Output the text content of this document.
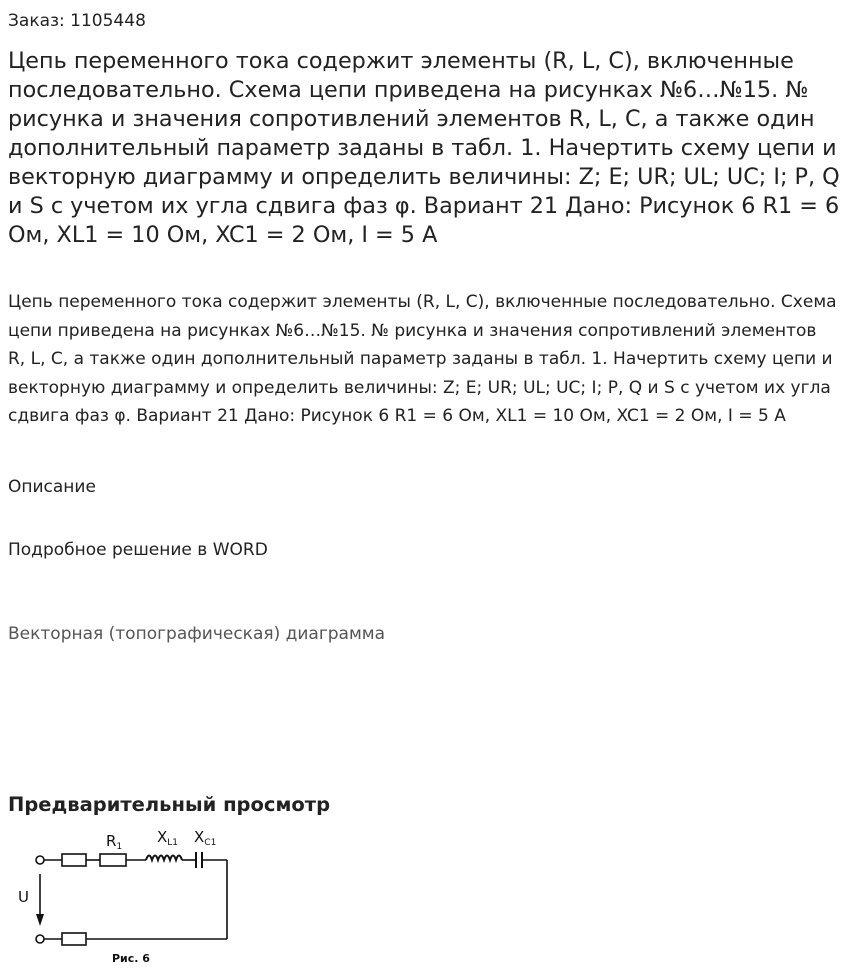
Заказ: 1105448
Цепь переменного тока содержит элементы (R, L, C), включенные последовательно. Схема цепи приведена на рисунках №6…№15. № рисунка и значения сопротивлений элементов R, L, C, а также один дополнительный параметр заданы в табл. 1. Начертить схему цепи и векторную диаграмму и определить величины: Z; E; UR; UL; UC; I; P, Q и S с учетом их угла сдвига фаз φ. Вариант 21 Дано: Рисунок 6 R1 = 6 Ом, XL1 = 10 Ом, XC1 = 2 Ом, I = 5 А

Цепь переменного тока содержит элементы (R, L, C), включенные последовательно. Схема цепи приведена на рисунках №6…№15. № рисунка и значения сопротивлений элементов R, L, C, а также один дополнительный параметр заданы в табл. 1. Начертить схему цепи и векторную диаграмму и определить величины: Z; E; UR; UL; UC; I; P, Q и S с учетом их угла сдвига фаз φ. Вариант 21 Дано: Рисунок 6 R1 = 6 Ом, XL1 = 10 Ом, XC1 = 2 Ом, I = 5 А

Описание
Подробное решение в WORD
Векторная (топографическая) диаграмма
Предварительный просмотр
$R_1$
$X_{L1}$ $X_{C1}$
U
Рис. 6
